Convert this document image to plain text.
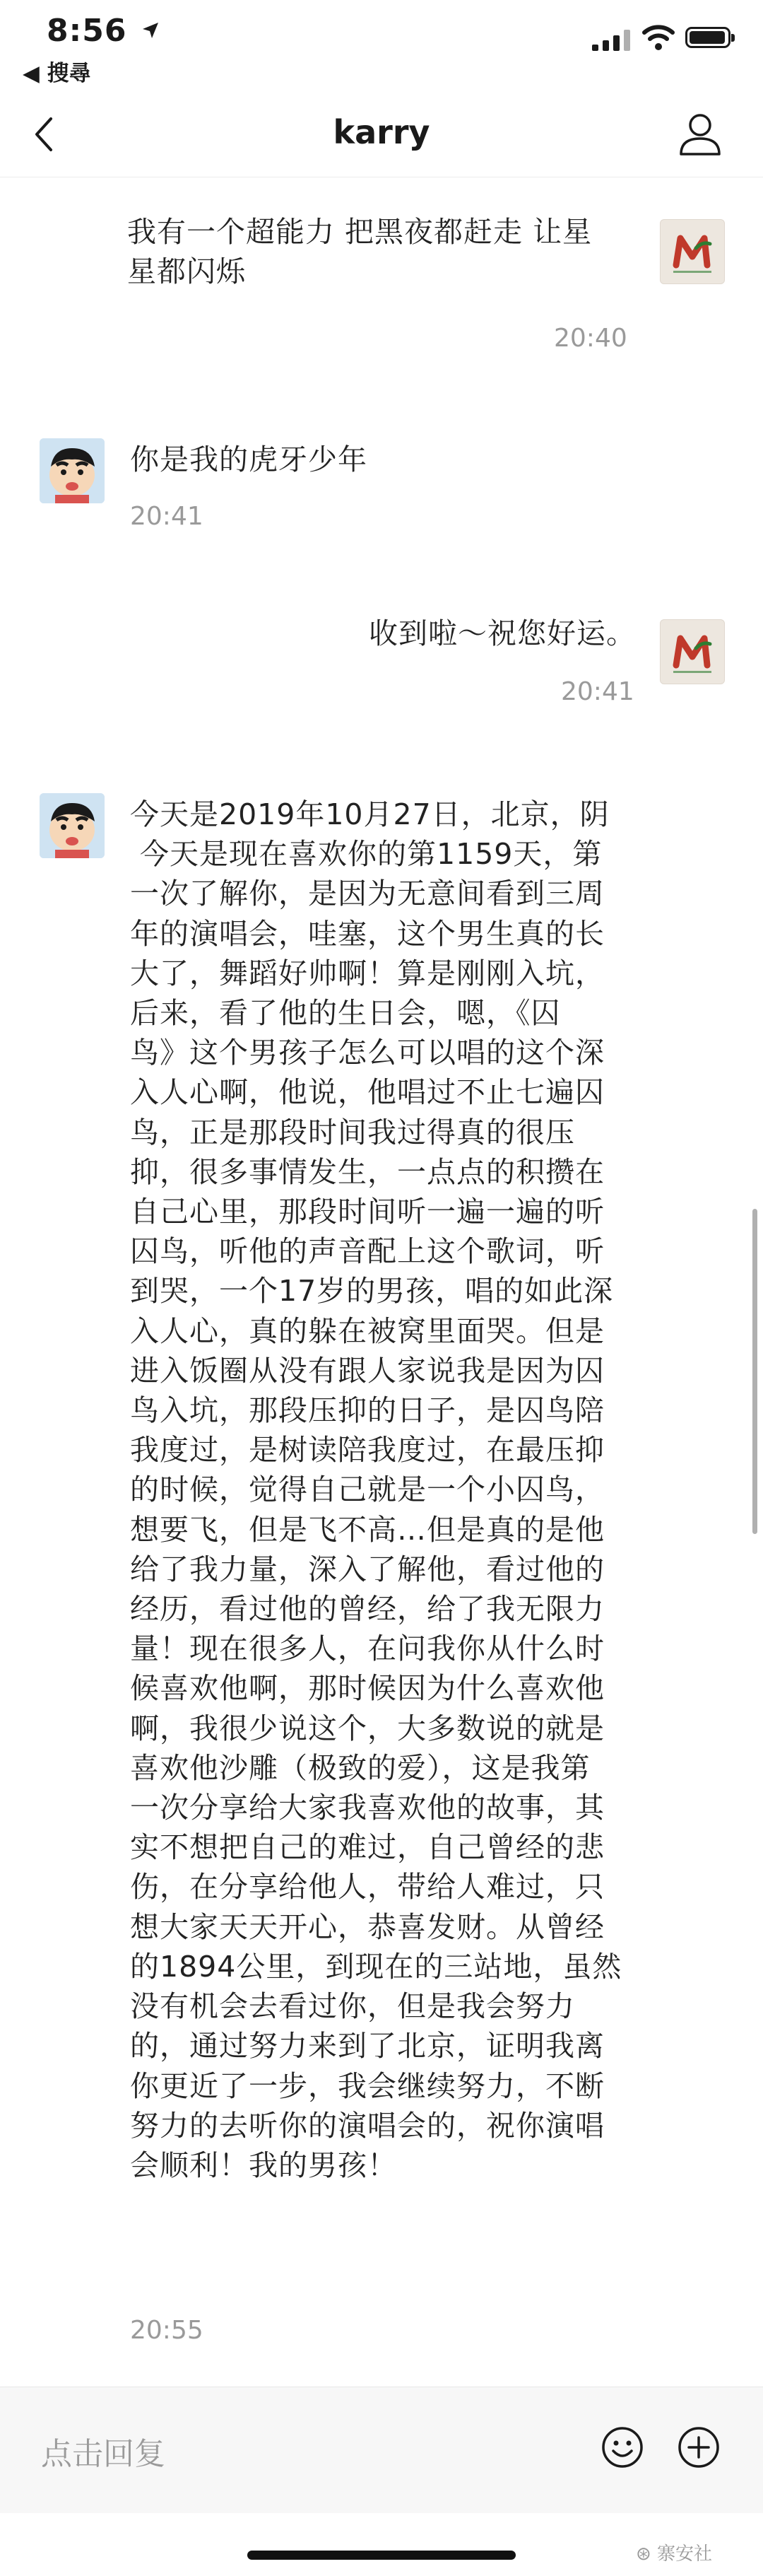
8:56
◀ 搜尋
karry
我有一个超能力 把黑夜都赶走 让星
星都闪烁
20:40
你是我的虎牙少年
20:41
收到啦～祝您好运。
20:41
今天是2019年10月27日，北京，阴
今天是现在喜欢你的第1159天，第
一次了解你，是因为无意间看到三周
年的演唱会，哇塞，这个男生真的长
大了，舞蹈好帅啊！算是刚刚入坑，
后来，看了他的生日会，嗯，《囚
鸟》这个男孩子怎么可以唱的这个深
入人心啊，他说，他唱过不止七遍囚
鸟，正是那段时间我过得真的很压
抑，很多事情发生，一点点的积攒在
自己心里，那段时间听一遍一遍的听
囚鸟，听他的声音配上这个歌词，听
到哭，一个17岁的男孩，唱的如此深
入人心，真的躲在被窝里面哭。但是
进入饭圈从没有跟人家说我是因为囚
鸟入坑，那段压抑的日子，是囚鸟陪
我度过，是树读陪我度过，在最压抑
的时候，觉得自己就是一个小囚鸟，
想要飞，但是飞不高…但是真的是他
给了我力量，深入了解他，看过他的
经历，看过他的曾经，给了我无限力
量！现在很多人，在问我你从什么时
候喜欢他啊，那时候因为什么喜欢他
啊，我很少说这个，大多数说的就是
喜欢他沙雕（极致的爱），这是我第
一次分享给大家我喜欢他的故事，其
实不想把自己的难过，自己曾经的悲
伤，在分享给他人，带给人难过，只
想大家天天开心，恭喜发财。从曾经
的1894公里，到现在的三站地，虽然
没有机会去看过你，但是我会努力
的，通过努力来到了北京，证明我离
你更近了一步，我会继续努力，不断
努力的去听你的演唱会的，祝你演唱
会顺利！我的男孩！
20:55
点击回复
⊛ 寨安社
